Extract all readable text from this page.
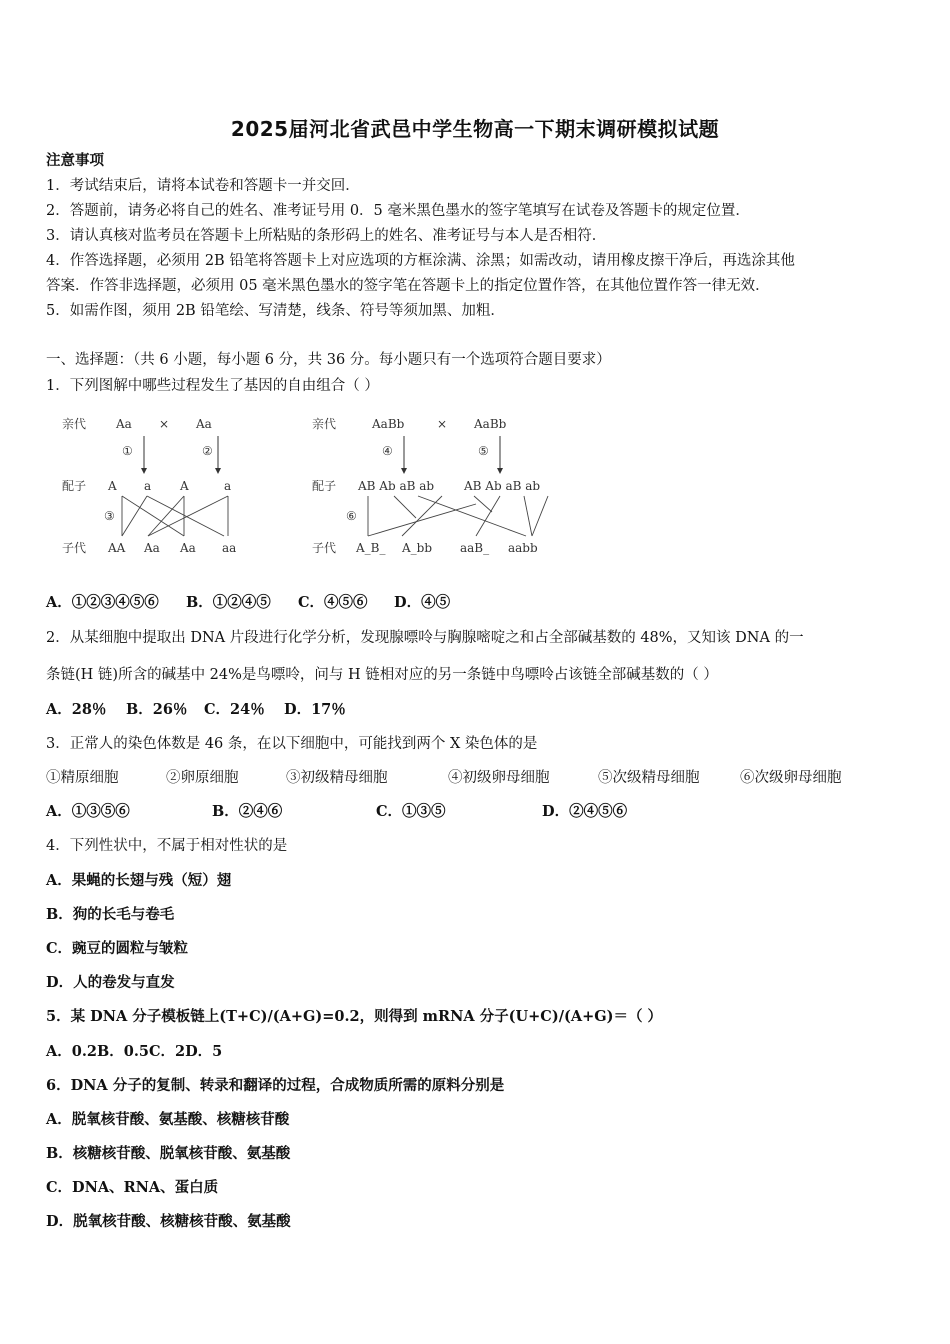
2025届河北省武邑中学生物高一下期末调研模拟试题
注意事项
1．考试结束后，请将本试卷和答题卡一并交回．
2．答题前，请务必将自己的姓名、准考证号用 0．5 毫米黑色墨水的签字笔填写在试卷及答题卡的规定位置．
3．请认真核对监考员在答题卡上所粘贴的条形码上的姓名、准考证号与本人是否相符．
4．作答选择题，必须用 2B 铅笔将答题卡上对应选项的方框涂满、涂黑；如需改动，请用橡皮擦干净后，再选涂其他
答案．作答非选择题，必须用 05 毫米黑色墨水的签字笔在答题卡上的指定位置作答，在其他位置作答一律无效．
5．如需作图，须用 2B 铅笔绘、写清楚，线条、符号等须加黑、加粗．
一、选择题：（共 6 小题，每小题 6 分，共 36 分。每小题只有一个选项符合题目要求）
1．下列图解中哪些过程发生了基因的自由组合（ ）
亲代 Aa × Aa
①	②
配子 A a A	a
③
子代 AA Aa Aa aa
亲代	AaBb	× AaBb
④	⑤
配子 AB Ab aB ab AB Ab aB ab
⑥
子代 A_B_ A_bb aaB_ aabb
A．①②③④⑤⑥ B．①②④⑤ C．④⑤⑥ D．④⑤
2．从某细胞中提取出 DNA 片段进行化学分析，发现腺嘌呤与胸腺嘧啶之和占全部碱基数的 48%，又知该 DNA 的一
条链(H 链)所含的碱基中 24%是鸟嘌呤，问与 H 链相对应的另一条链中鸟嘌呤占该链全部碱基数的（ ）
A．28％ B．26％ C．24％ D．17％
3．正常人的染色体数是 46 条，在以下细胞中，可能找到两个 X 染色体的是
①精原细胞	②卵原细胞	③初级精母细胞	④初级卵母细胞	⑤次级精母细胞	⑥次级卵母细胞
A．①③⑤⑥	B．②④⑥	C．①③⑤	D．②④⑤⑥
4．下列性状中，不属于相对性状的是
A．果蝇的长翅与残（短）翅
B．狗的长毛与卷毛
C．豌豆的圆粒与皱粒
D．人的卷发与直发
5．某 DNA 分子模板链上(T+C)/(A+G)=0.2，则得到 mRNA 分子(U+C)/(A+G)＝（ ）
A．0.2B．0.5C．2D．5
6．DNA 分子的复制、转录和翻译的过程，合成物质所需的原料分别是
A．脱氧核苷酸、氨基酸、核糖核苷酸
B．核糖核苷酸、脱氧核苷酸、氨基酸
C．DNA、RNA、蛋白质
D．脱氧核苷酸、核糖核苷酸、氨基酸
